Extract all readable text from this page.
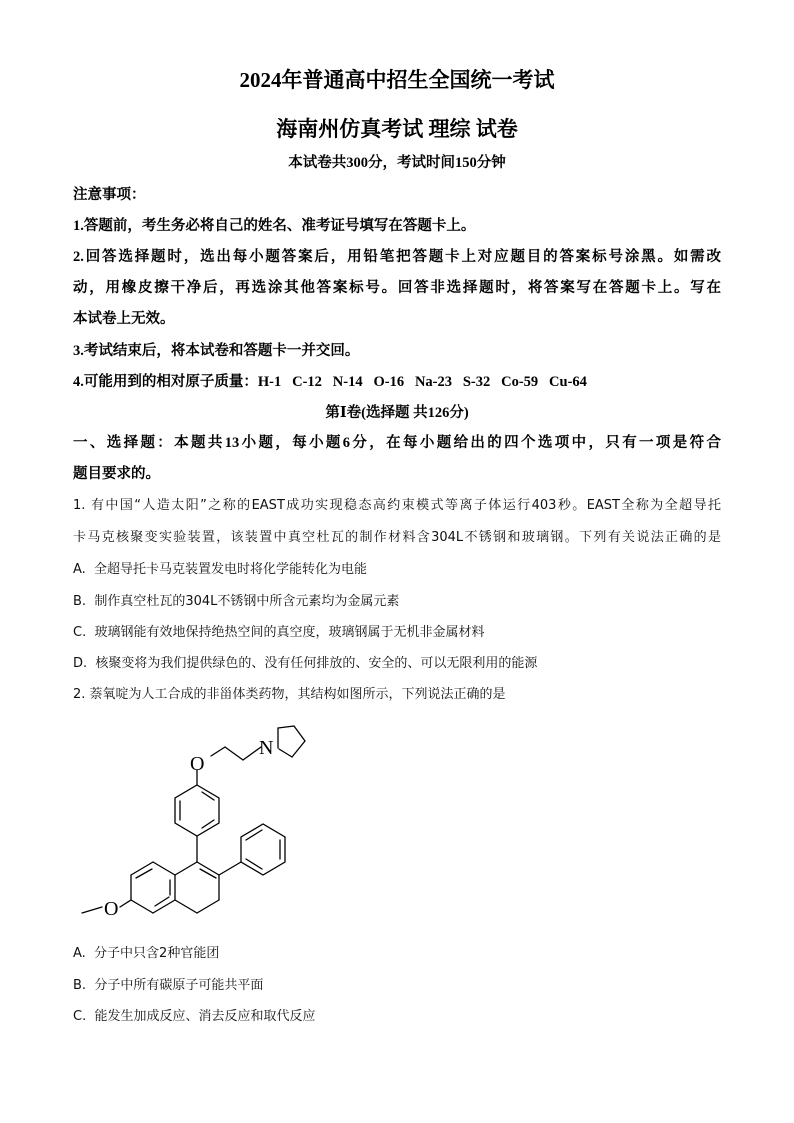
2024年普通高中招生全国统一考试
海南州仿真考试 理综 试卷
本试卷共300分，考试时间150分钟
注意事项：
1.答题前，考生务必将自己的姓名、准考证号填写在答题卡上。
2.回答选择题时，选出每小题答案后，用铅笔把答题卡上对应题目的答案标号涂黑。如需改
动，用橡皮擦干净后，再选涂其他答案标号。回答非选择题时，将答案写在答题卡上。写在
本试卷上无效。
3.考试结束后，将本试卷和答题卡一并交回。
4.可能用到的相对原子质量：H-1   C-12   N-14   O-16   Na-23   S-32   Co-59   Cu-64
第Ⅰ卷(选择题 共126分)
一、选择题：本题共13小题，每小题6分，在每小题给出的四个选项中，只有一项是符合
题目要求的。
1. 有中国“人造太阳”之称的EAST成功实现稳态高约束模式等离子体运行403秒。EAST全称为全超导托
卡马克核聚变实验装置，该装置中真空杜瓦的制作材料含304L不锈钢和玻璃钢。下列有关说法正确的是
A.  全超导托卡马克装置发电时将化学能转化为电能
B.  制作真空杜瓦的304L不锈钢中所含元素均为金属元素
C.  玻璃钢能有效地保持绝热空间的真空度，玻璃钢属于无机非金属材料
D.  核聚变将为我们提供绿色的、没有任何排放的、安全的、可以无限利用的能源
2. 萘氧啶为人工合成的非甾体类药物，其结构如图所示，下列说法正确的是
O
N
O
A.  分子中只含2种官能团
B.  分子中所有碳原子可能共平面
C.  能发生加成反应、消去反应和取代反应
